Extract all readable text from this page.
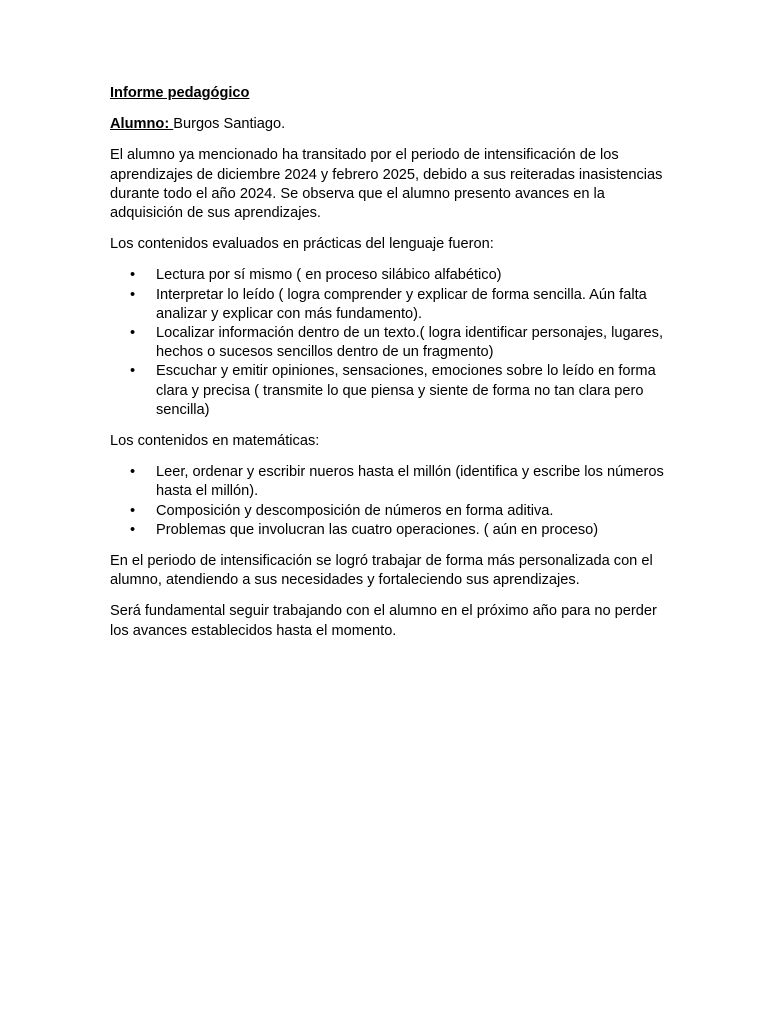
Informe pedagógico
Alumno: Burgos Santiago.

El alumno ya mencionado ha transitado por el periodo de intensificación de los aprendizajes de diciembre 2024 y febrero 2025, debido a sus reiteradas inasistencias durante todo el año 2024. Se observa que el alumno presento avances en la adquisición de sus aprendizajes.

Los contenidos evaluados en prácticas del lenguaje fueron:

• Lectura por sí mismo ( en proceso silábico alfabético)
• Interpretar lo leído ( logra comprender y explicar de forma sencilla. Aún falta analizar y explicar con más fundamento).
• Localizar información dentro de un texto.( logra identificar personajes, lugares, hechos o sucesos sencillos dentro de un fragmento)
• Escuchar y emitir opiniones, sensaciones, emociones sobre lo leído en forma clara y precisa ( transmite lo que piensa y siente de forma no tan clara pero sencilla)

Los contenidos en matemáticas:

• Leer, ordenar y escribir nueros hasta el millón (identifica y escribe los números hasta el millón).
• Composición y descomposición de números en forma aditiva.
• Problemas que involucran las cuatro operaciones. ( aún en proceso)

En el periodo de intensificación se logró trabajar de forma más personalizada con el alumno, atendiendo a sus necesidades y fortaleciendo sus aprendizajes.

Será fundamental seguir trabajando con el alumno en el próximo año para no perder los avances establecidos hasta el momento.
